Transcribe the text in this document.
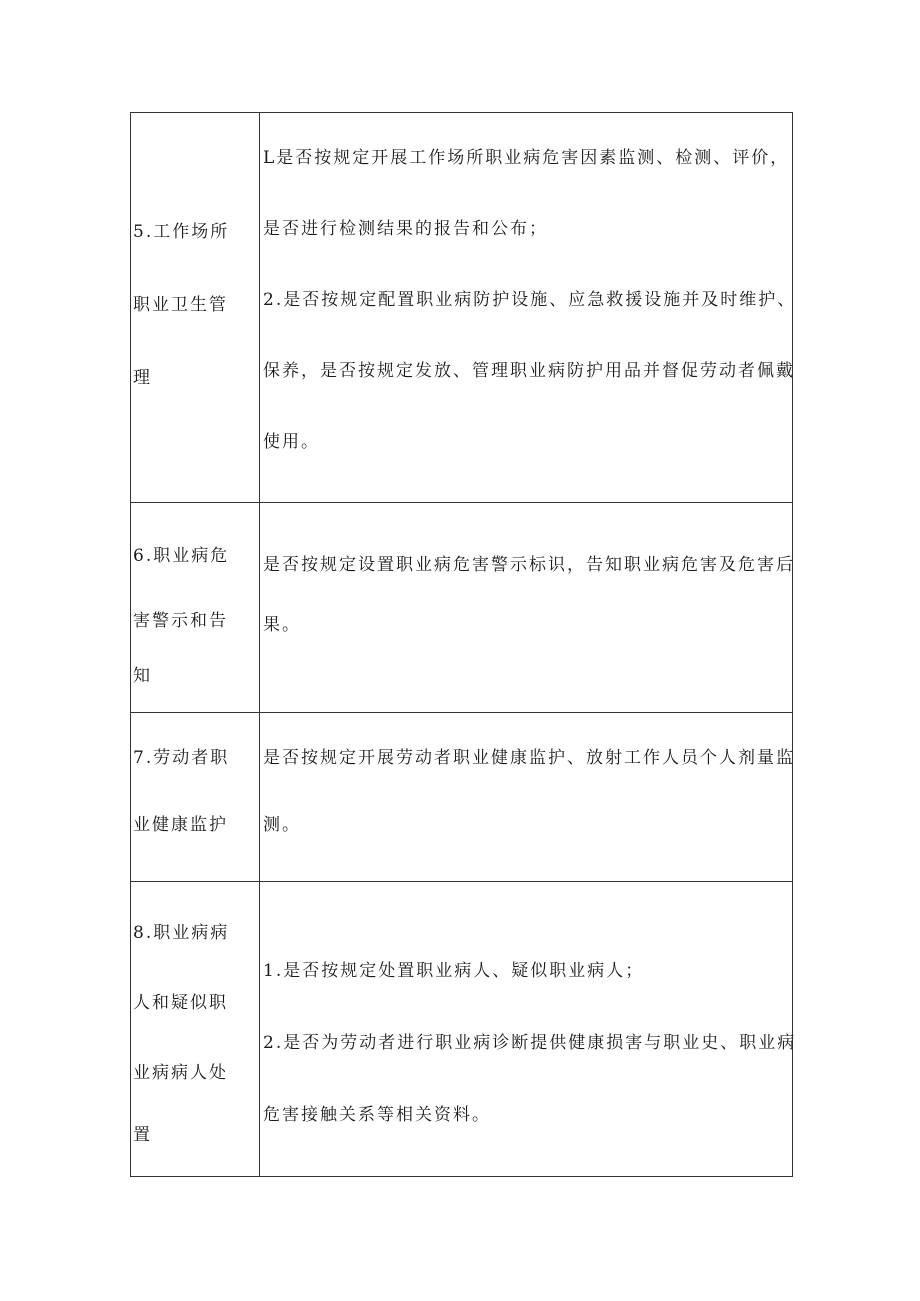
5.工作场所
职业卫生管
理	L是否按规定开展工作场所职业病危害因素监测、检测、评价，
是否进行检测结果的报告和公布；
2.是否按规定配置职业病防护设施、应急救援设施并及时维护、
保养，是否按规定发放、管理职业病防护用品并督促劳动者佩戴
使用。

6.职业病危
害警示和告
知	是否按规定设置职业病危害警示标识，告知职业病危害及危害后
果。

7.劳动者职
业健康监护	是否按规定开展劳动者职业健康监护、放射工作人员个人剂量监
测。

8.职业病病
人和疑似职
业病病人处
置	1.是否按规定处置职业病人、疑似职业病人；
2.是否为劳动者进行职业病诊断提供健康损害与职业史、职业病
危害接触关系等相关资料。
